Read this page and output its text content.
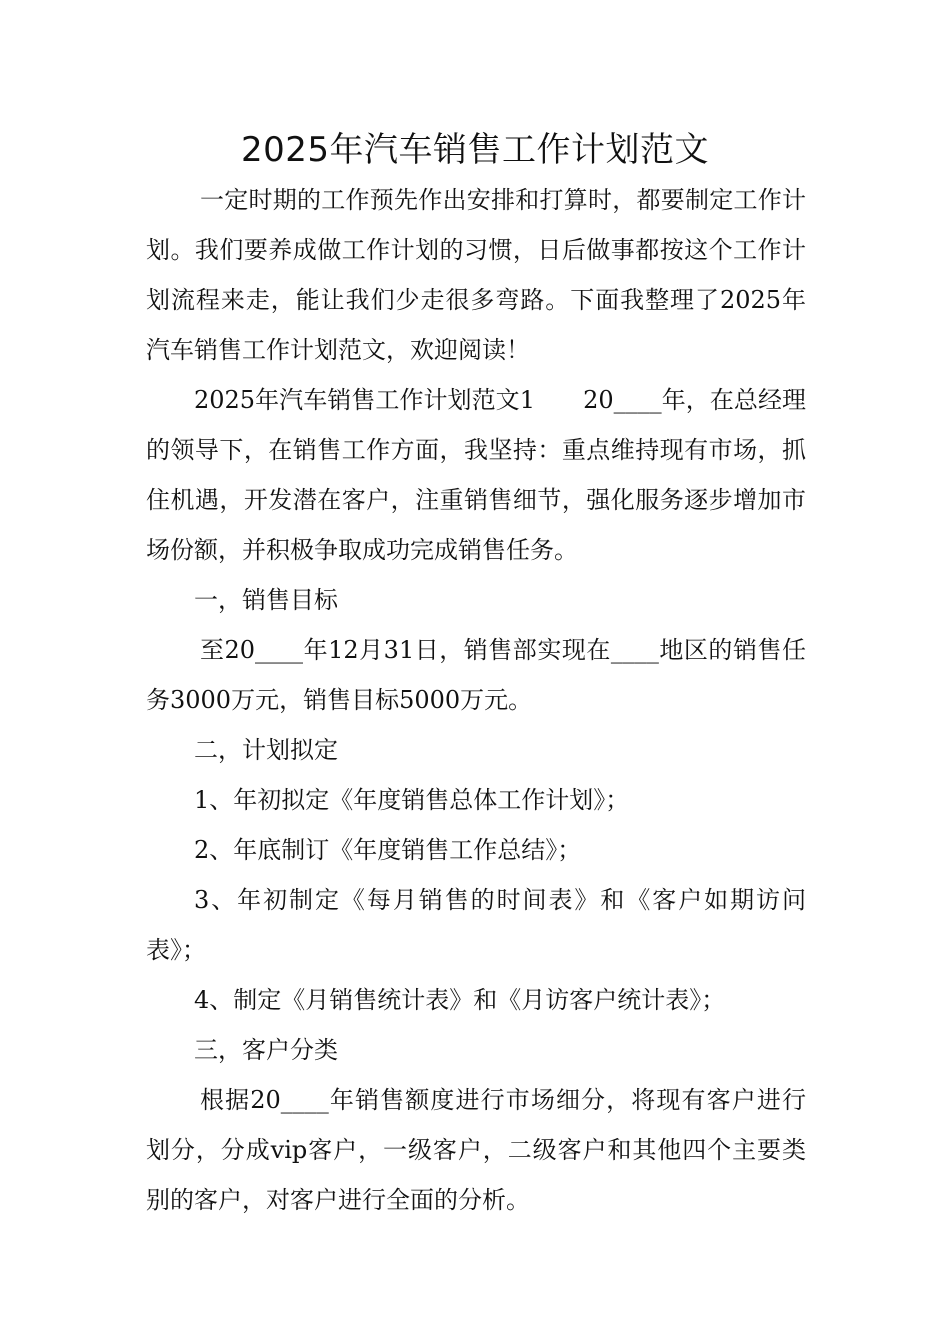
2025年汽车销售工作计划范文

一定时期的工作预先作出安排和打算时，都要制定工作计划。我们要养成做工作计划的习惯，日后做事都按这个工作计划流程来走，能让我们少走很多弯路。下面我整理了2025年汽车销售工作计划范文，欢迎阅读！

2025年汽车销售工作计划范文1　　20____年，在总经理的领导下，在销售工作方面，我坚持：重点维持现有市场，抓住机遇，开发潜在客户，注重销售细节，强化服务逐步增加市场份额，并积极争取成功完成销售任务。

一，销售目标

至20____年12月31日，销售部实现在____地区的销售任务3000万元，销售目标5000万元。

二，计划拟定

1、年初拟定《年度销售总体工作计划》；

2、年底制订《年度销售工作总结》；

3、年初制定《每月销售的时间表》和《客户如期访问表》；

4、制定《月销售统计表》和《月访客户统计表》；

三，客户分类

根据20____年销售额度进行市场细分，将现有客户进行划分，分成vip客户，一级客户，二级客户和其他四个主要类别的客户，对客户进行全面的分析。
